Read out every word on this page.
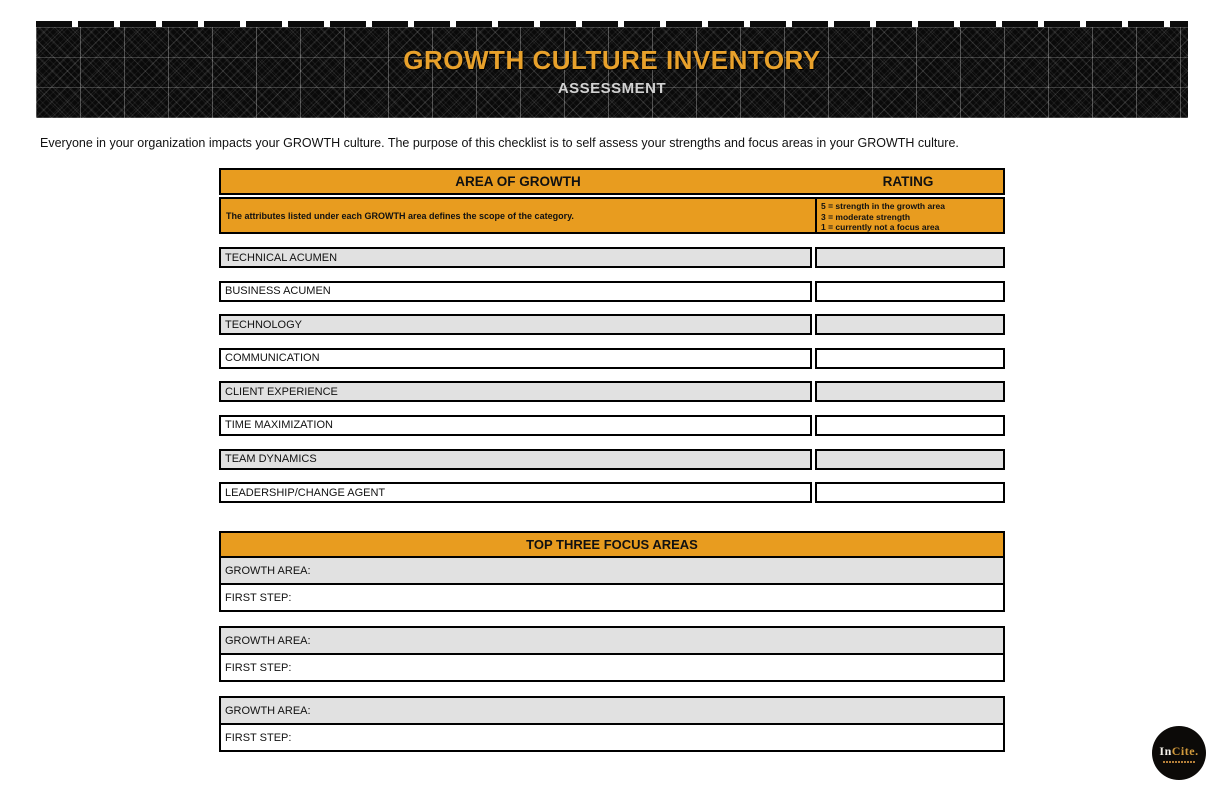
GROWTH CULTURE INVENTORY
ASSESSMENT
Everyone in your organization impacts your GROWTH culture. The purpose of this checklist is to self assess your strengths and focus areas in your GROWTH culture.
AREA OF GROWTH	RATING
The attributes listed under each GROWTH area defines the scope of the category.
5 = strength in the growth area
3 = moderate strength
1 = currently not a focus area
TECHNICAL ACUMEN
BUSINESS ACUMEN
TECHNOLOGY
COMMUNICATION
CLIENT EXPERIENCE
TIME MAXIMIZATION
TEAM DYNAMICS
LEADERSHIP/CHANGE AGENT
TOP THREE FOCUS AREAS
GROWTH AREA:
FIRST STEP:
GROWTH AREA:
FIRST STEP:
GROWTH AREA:
FIRST STEP:
InCite.
